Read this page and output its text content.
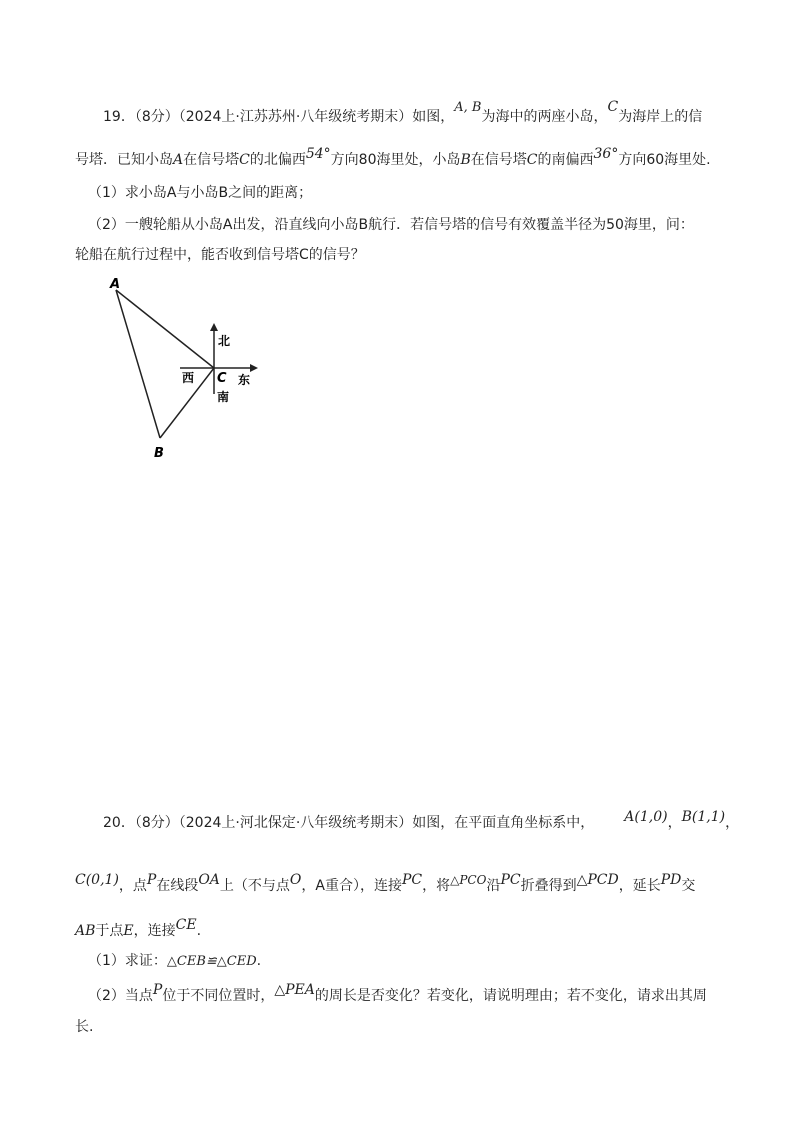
19．（8分）（2024上·江苏苏州·八年级统考期末）如图，A, B为海中的两座小岛，C为海岸上的信
号塔．已知小岛A在信号塔C的北偏西54°方向80海里处，小岛B在信号塔C的南偏西36°方向60海里处.
（1）求小岛A与小岛B之间的距离；
（2）一艘轮船从小岛A出发，沿直线向小岛B航行．若信号塔的信号有效覆盖半径为50海里，问：
轮船在航行过程中，能否收到信号塔C的信号？
A
B
C
北
南
西	东
20．（8分）（2024上·河北保定·八年级统考期末）如图，在平面直角坐标系中， A(1,0)，B(1,1)，
C(0,1)，点P在线段OA上（不与点O，A重合），连接PC，将△PCO沿PC折叠得到△PCD，延长PD交
AB于点E，连接CE.
（1）求证：△CEB≌△CED.
（2）当点P位于不同位置时，△PEA的周长是否变化？若变化，请说明理由；若不变化，请求出其周
长.
